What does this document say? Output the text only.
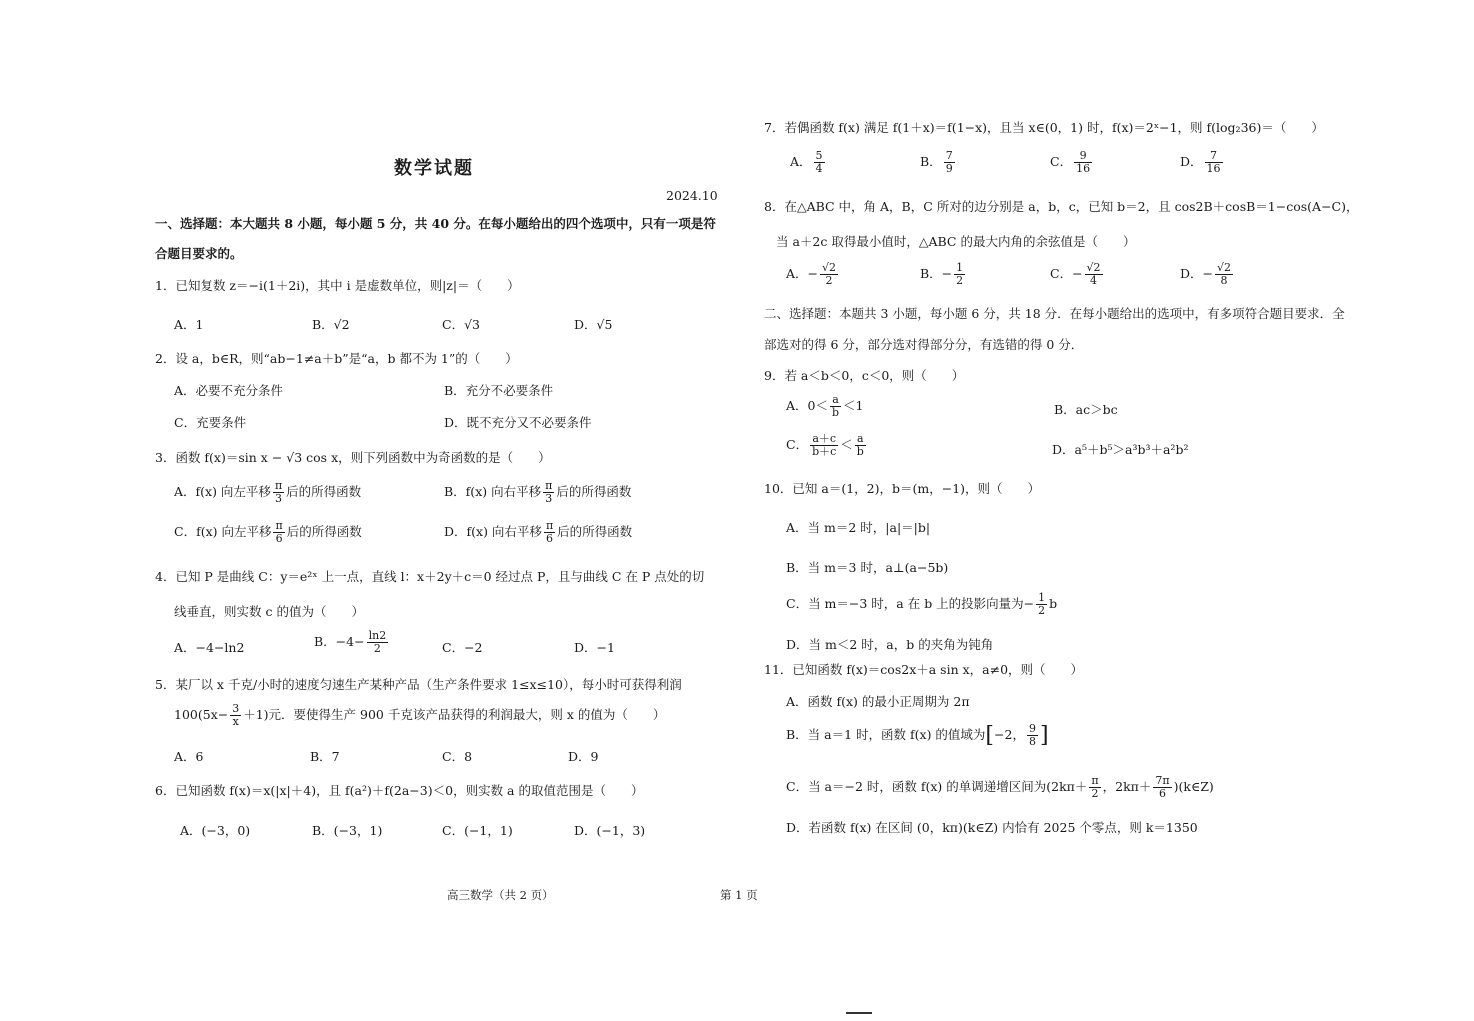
数学试题
2024.10
一、选择题：本大题共 8 小题，每小题 5 分，共 40 分。在每小题给出的四个选项中，只有一项是符
合题目要求的。
1．已知复数 z＝−i(1＋2i)，其中 i 是虚数单位，则|z|＝（　　）
A．1	B．√2	C．√3	D．√5
2．设 a，b∈R，则“ab−1≠a＋b”是“a，b 都不为 1”的（　　）
A．必要不充分条件	B．充分不必要条件
C．充要条件	D．既不充分又不必要条件
3．函数 f(x)＝sin x − √3 cos x，则下列函数中为奇函数的是（　　）
A．f(x) 向左平移 $\frac{\pi}{3}$ 后的所得函数	B．f(x) 向右平移 $\frac{\pi}{3}$ 后的所得函数
C．f(x) 向左平移 $\frac{\pi}{6}$ 后的所得函数	D．f(x) 向右平移 $\frac{\pi}{6}$ 后的所得函数
4．已知 P 是曲线 C：y＝e²ˣ 上一点，直线 l：x＋2y＋c＝0 经过点 P，且与曲线 C 在 P 点处的切
线垂直，则实数 c 的值为（　　）
A．−4−ln2	B．$-4- \frac{\ln 2}{2}$	C．−2	D．−1
5．某厂以 x 千克/小时的速度匀速生产某种产品（生产条件要求 1≤x≤10），每小时可获得利润
$100(5x- \frac{3}{x} +1)$元．要使得生产 900 千克该产品获得的利润最大，则 x 的值为（　　）
A．6	B．7	C．8	D．9
6．已知函数 f(x)＝x(|x|＋4)，且 f(a²)＋f(2a−3)＜0，则实数 a 的取值范围是（　　）
A．(−3，0)	B．(−3，1)	C．(−1，1)	D．(−1，3)
高三数学（共 2 页）	第 1 页
7．若偶函数 f(x) 满足 f(1＋x)＝f(1−x)，且当 x∈(0，1) 时，f(x)＝2ˣ−1，则 f(log₂36)＝（　　）
A． $\frac{5}{4}$	B． $\frac{7}{9}$	C． $\frac{9}{16}$	D． $\frac{7}{16}$
8．在△ABC 中，角 A，B，C 所对的边分别是 a，b，c，已知 b＝2，且 cos2B＋cosB＝1−cos(A−C)，
当 a＋2c 取得最小值时，△ABC 的最大内角的余弦值是（　　）
A．− $\frac{√2}{2}$	B．− $\frac{1}{2}$	C．− $\frac{√2}{4}$	D．− $\frac{√2}{8}$
二、选择题：本题共 3 小题，每小题 6 分，共 18 分．在每小题给出的选项中，有多项符合题目要求．全
部选对的得 6 分，部分选对得部分分，有选错的得 0 分．
9．若 a＜b＜0，c＜0，则（　　）
A．$0< \frac{a}{b} <1$	B．ac＞bc
C． $\frac{a+c}{b+c} < \frac{a}{b}$	D．a⁵＋b⁵＞a³b³＋a²b²
10．已知 a＝(1，2)，b＝(m，−1)，则（　　）
A．当 m＝2 时，|a|＝|b|
B．当 m＝3 时，a⊥(a−5b)
C．当 m＝−3 时，a 在 b 上的投影向量为− $\frac{1}{2}$ b
D．当 m＜2 时，a，b 的夹角为钝角
11．已知函数 f(x)＝cos2x＋a sin x，a≠0，则（　　）
A．函数 f(x) 的最小正周期为 2π
B．当 a＝1 时，函数 f(x) 的值域为[−2， $\frac{9}{8}$ ]
C．当 a＝−2 时，函数 f(x) 的单调递增区间为($2k\pi+ \frac{\pi}{2}$ ，$2k\pi+ \frac{7\pi}{6}$ )(k∈Z)
D．若函数 f(x) 在区间 (0，kπ)(k∈Z) 内恰有 2025 个零点，则 k＝1350
